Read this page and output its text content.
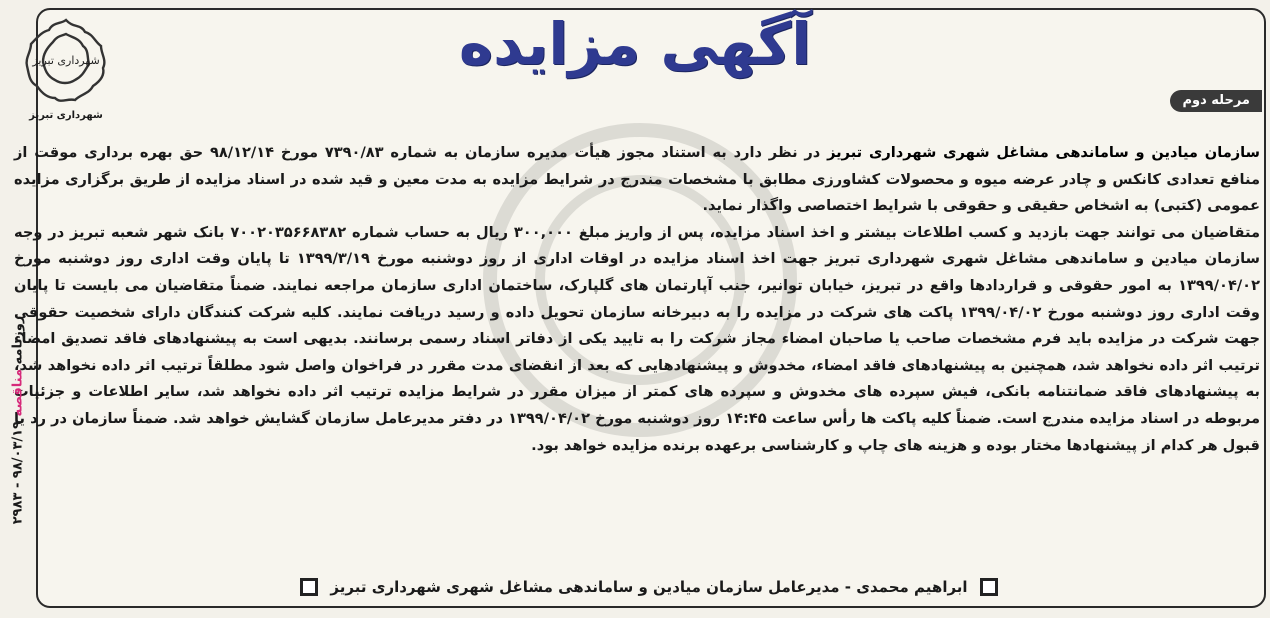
شهرداری تبریز
شهرداری تبریز
آگهی مزایده
مرحله دوم

سازمان میادین و ساماندهی مشاغل شهری شهرداری تبریز در نظر دارد به استناد مجوز هیأت مدیره سازمان به شماره ۷۳۹۰/۸۳ مورخ ۹۸/۱۲/۱۴ حق بهره برداری موقت از منافع تعدادی کانکس و چادر عرضه میوه و محصولات کشاورزی مطابق با مشخصات مندرج در شرایط مزایده به مدت معین و قید شده در اسناد مزایده از طریق برگزاری مزایده عمومی (کتبی) به اشخاص حقیقی و حقوقی با شرایط اختصاصی واگذار نماید.

متقاضیان می توانند جهت بازدید و کسب اطلاعات بیشتر و اخذ اسناد مزایده، پس از واریز مبلغ ۳۰۰,۰۰۰ ریال به حساب شماره ۷۰۰۲۰۳۵۶۶۸۳۸۲ بانک شهر شعبه تبریز در وجه سازمان میادین و ساماندهی مشاغل شهری شهرداری تبریز جهت اخذ اسناد مزایده در اوقات اداری از روز دوشنبه مورخ ۱۳۹۹/۳/۱۹ تا پایان وقت اداری روز دوشنبه مورخ ۱۳۹۹/۰۴/۰۲ به امور حقوقی و قراردادها واقع در تبریز، خیابان توانیر، جنب آپارتمان های گلپارک، ساختمان اداری سازمان مراجعه نمایند. ضمناً متقاضیان می بایست تا پایان وقت اداری روز دوشنبه مورخ ۱۳۹۹/۰۴/۰۲ پاکت های شرکت در مزایده را به دبیرخانه سازمان تحویل داده و رسید دریافت نمایند. کلیه شرکت کنندگان دارای شخصیت حقوقی جهت شرکت در مزایده باید فرم مشخصات صاحب یا صاحبان امضاء مجاز شرکت را به تایید یکی از دفاتر اسناد رسمی برسانند. بدیهی است به پیشنهادهای فاقد تصدیق امضاء ترتیب اثر داده نخواهد شد، همچنین به پیشنهادهای فاقد امضاء، مخدوش و پیشنهادهایی که بعد از انقضای مدت مقرر در فراخوان واصل شود مطلقاً ترتیب اثر داده نخواهد شد، به پیشنهادهای فاقد ضمانتنامه بانکی، فیش سپرده های مخدوش و سپرده های کمتر از میزان مقرر در شرایط مزایده ترتیب اثر داده نخواهد شد، سایر اطلاعات و جزئیات مربوطه در اسناد مزایده مندرج است. ضمناً کلیه پاکت ها رأس ساعت ۱۴:۴۵ روز دوشنبه مورخ ۱۳۹۹/۰۴/۰۲ در دفتر مدیرعامل سازمان گشایش خواهد شد. ضمناً سازمان در رد یا قبول هر کدام از پیشنهادها مختار بوده و هزینه های چاپ و کارشناسی برعهده برنده مزایده خواهد بود.

ابراهیم محمدی - مدیرعامل سازمان میادین و ساماندهی مشاغل شهری شهرداری تبریز
روزنامه مناقصه ۹۸/۰۳/۱۹ - ۲۹۸۳
